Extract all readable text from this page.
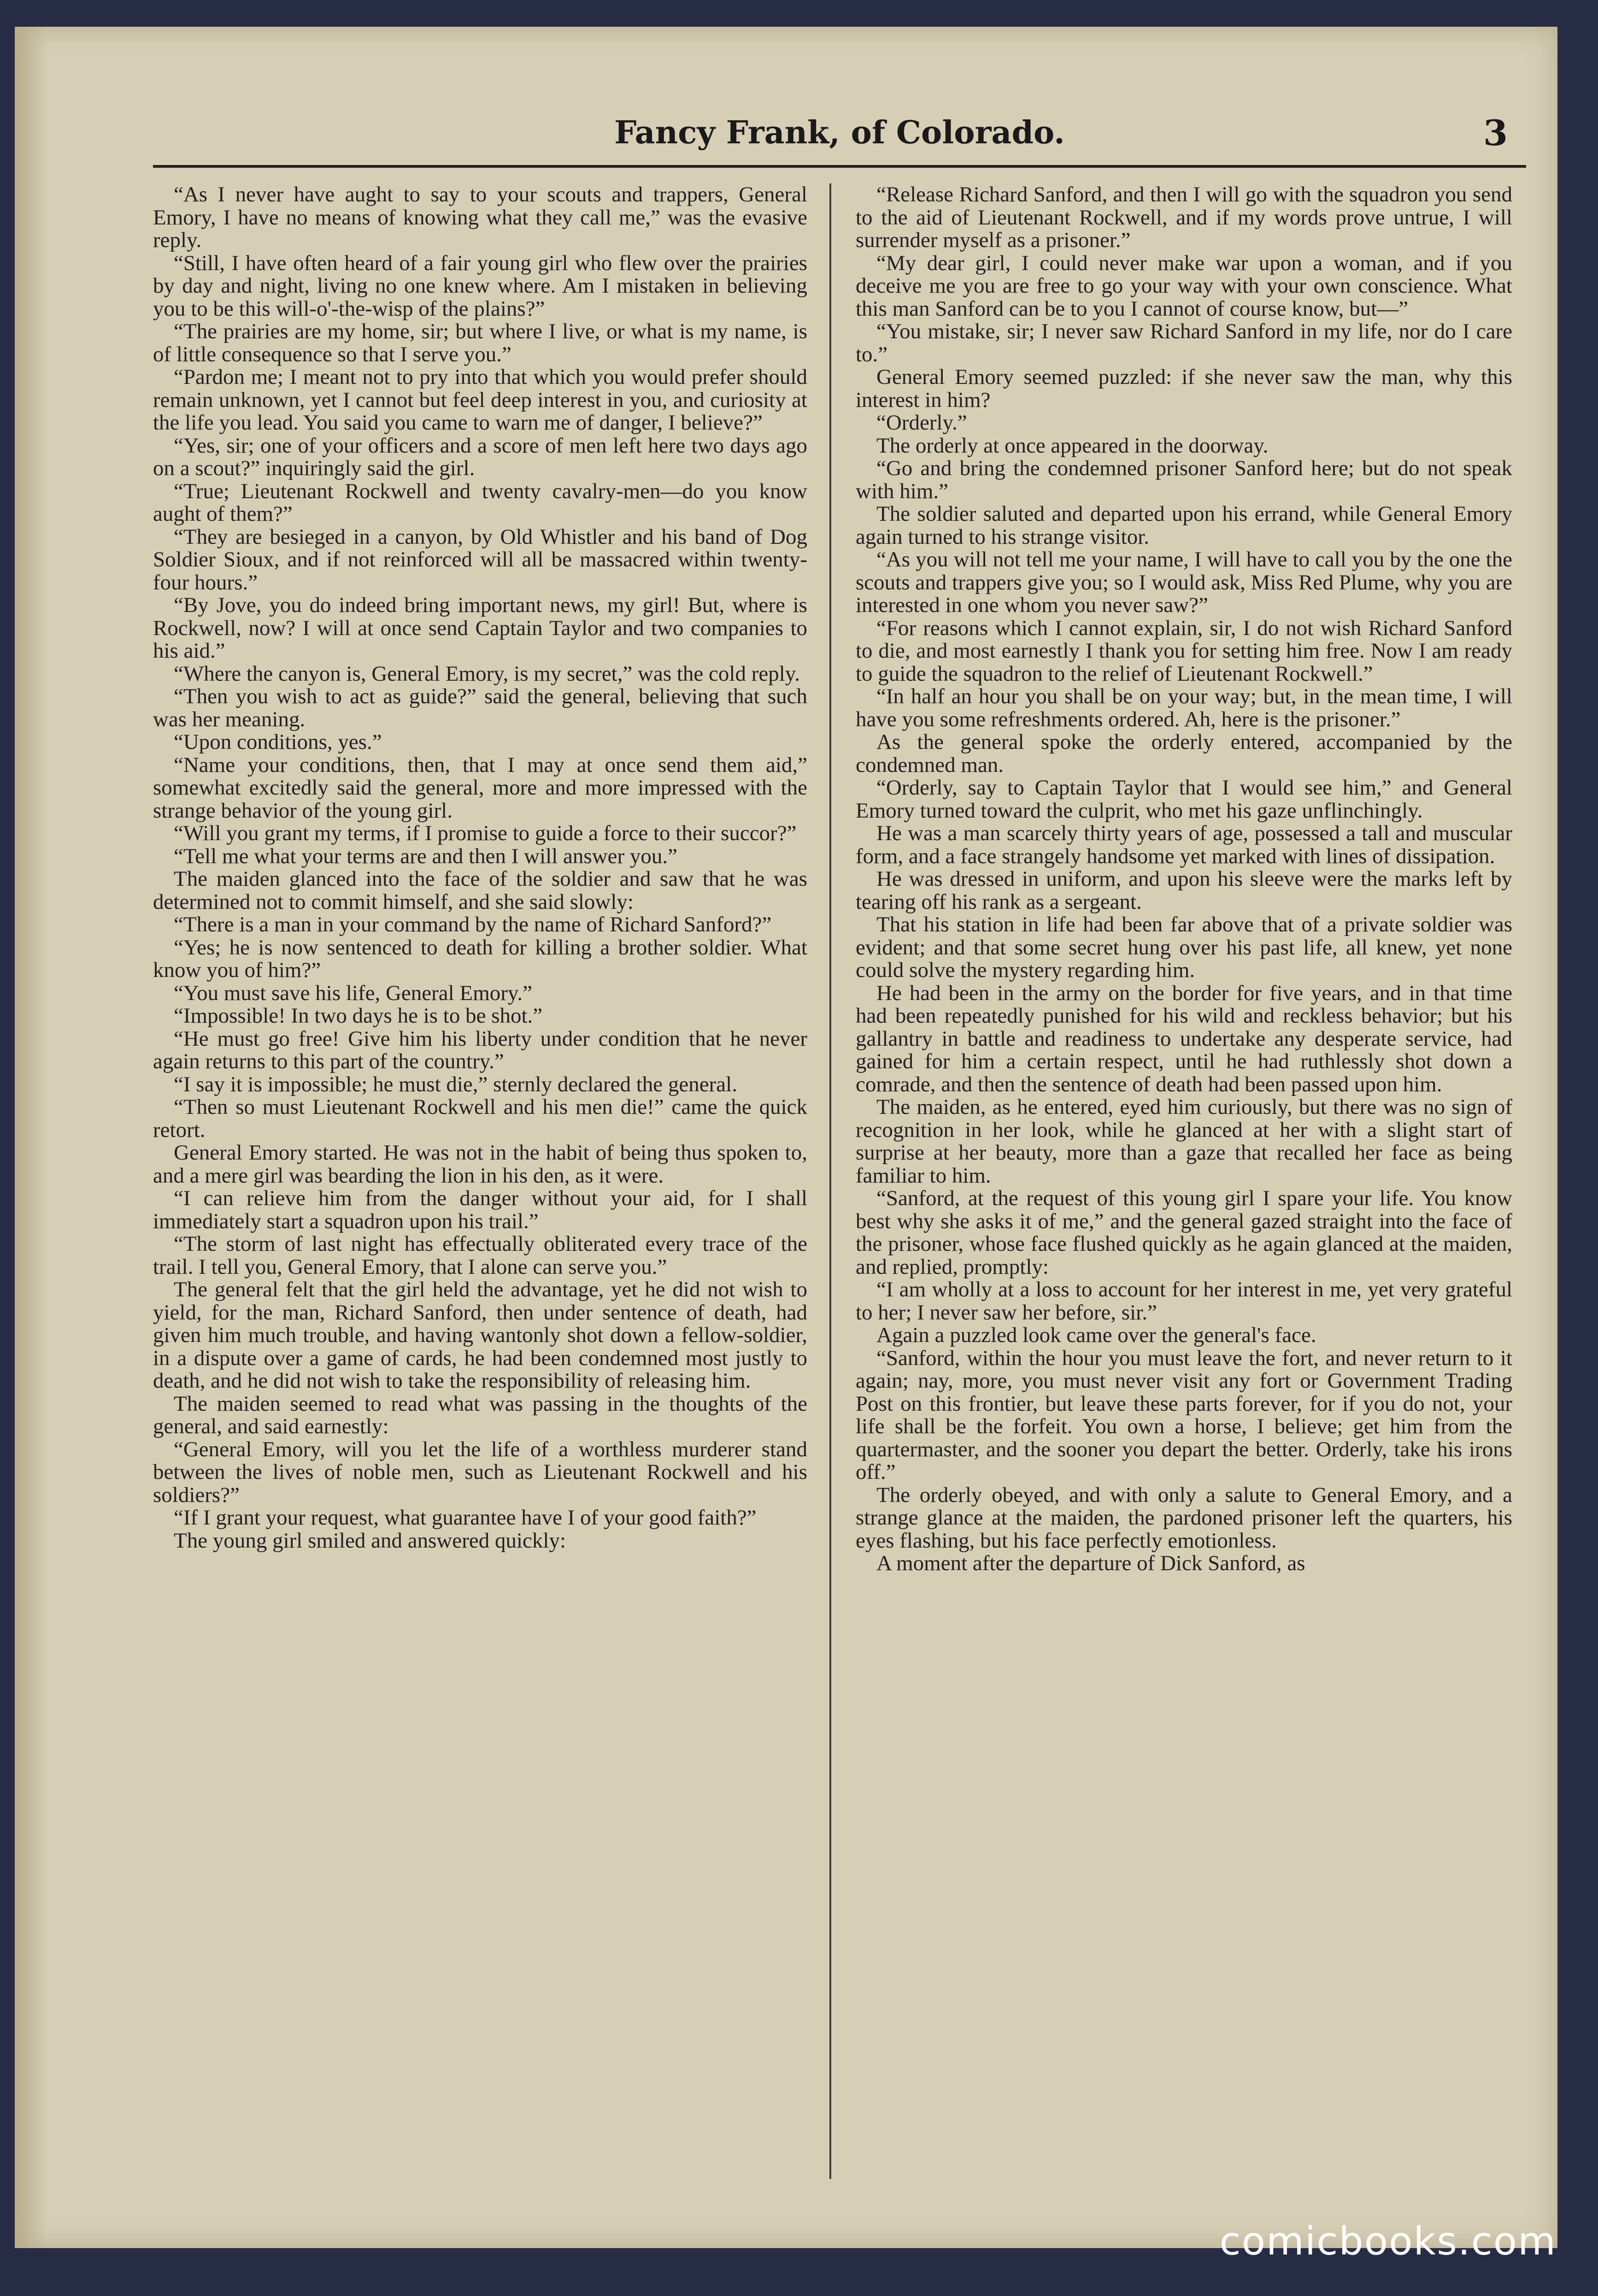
Fancy Frank, of Colorado.	3

“As I never have aught to say to your scouts and trappers, General Emory, I have no means of knowing what they call me,” was the evasive reply.

“Still, I have often heard of a fair young girl who flew over the prairies by day and night, living no one knew where. Am I mistaken in believing you to be this will-o'-the-wisp of the plains?”

“The prairies are my home, sir; but where I live, or what is my name, is of little consequence so that I serve you.”

“Pardon me; I meant not to pry into that which you would prefer should remain unknown, yet I cannot but feel deep interest in you, and curiosity at the life you lead. You said you came to warn me of danger, I believe?”

“Yes, sir; one of your officers and a score of men left here two days ago on a scout?” inquiringly said the girl.

“True; Lieutenant Rockwell and twenty cavalry-men—do you know aught of them?”

“They are besieged in a canyon, by Old Whistler and his band of Dog Soldier Sioux, and if not reinforced will all be massacred within twenty-four hours.”

“By Jove, you do indeed bring important news, my girl! But, where is Rockwell, now? I will at once send Captain Taylor and two companies to his aid.”

“Where the canyon is, General Emory, is my secret,” was the cold reply.

“Then you wish to act as guide?” said the general, believing that such was her meaning.

“Upon conditions, yes.”

“Name your conditions, then, that I may at once send them aid,” somewhat excitedly said the general, more and more impressed with the strange behavior of the young girl.

“Will you grant my terms, if I promise to guide a force to their succor?”

“Tell me what your terms are and then I will answer you.”

The maiden glanced into the face of the soldier and saw that he was determined not to commit himself, and she said slowly:

“There is a man in your command by the name of Richard Sanford?”

“Yes; he is now sentenced to death for killing a brother soldier. What know you of him?”

“You must save his life, General Emory.”

“Impossible! In two days he is to be shot.”

“He must go free! Give him his liberty under condition that he never again returns to this part of the country.”

“I say it is impossible; he must die,” sternly declared the general.

“Then so must Lieutenant Rockwell and his men die!” came the quick retort.

General Emory started. He was not in the habit of being thus spoken to, and a mere girl was bearding the lion in his den, as it were.

“I can relieve him from the danger without your aid, for I shall immediately start a squadron upon his trail.”

“The storm of last night has effectually obliterated every trace of the trail. I tell you, General Emory, that I alone can serve you.”

The general felt that the girl held the advantage, yet he did not wish to yield, for the man, Richard Sanford, then under sentence of death, had given him much trouble, and having wantonly shot down a fellow-soldier, in a dispute over a game of cards, he had been condemned most justly to death, and he did not wish to take the responsibility of releasing him.

The maiden seemed to read what was passing in the thoughts of the general, and said earnestly:

“General Emory, will you let the life of a worthless murderer stand between the lives of noble men, such as Lieutenant Rockwell and his soldiers?”

“If I grant your request, what guarantee have I of your good faith?”

The young girl smiled and answered quickly:

“Release Richard Sanford, and then I will go with the squadron you send to the aid of Lieutenant Rockwell, and if my words prove untrue, I will surrender myself as a prisoner.”

“My dear girl, I could never make war upon a woman, and if you deceive me you are free to go your way with your own conscience. What this man Sanford can be to you I cannot of course know, but—”

“You mistake, sir; I never saw Richard Sanford in my life, nor do I care to.”

General Emory seemed puzzled: if she never saw the man, why this interest in him?

“Orderly.”

The orderly at once appeared in the doorway.

“Go and bring the condemned prisoner Sanford here; but do not speak with him.”

The soldier saluted and departed upon his errand, while General Emory again turned to his strange visitor.

“As you will not tell me your name, I will have to call you by the one the scouts and trappers give you; so I would ask, Miss Red Plume, why you are interested in one whom you never saw?”

“For reasons which I cannot explain, sir, I do not wish Richard Sanford to die, and most earnestly I thank you for setting him free. Now I am ready to guide the squadron to the relief of Lieutenant Rockwell.”

“In half an hour you shall be on your way; but, in the mean time, I will have you some refreshments ordered. Ah, here is the prisoner.”

As the general spoke the orderly entered, accompanied by the condemned man.

“Orderly, say to Captain Taylor that I would see him,” and General Emory turned toward the culprit, who met his gaze unflinchingly.

He was a man scarcely thirty years of age, possessed a tall and muscular form, and a face strangely handsome yet marked with lines of dissipation.

He was dressed in uniform, and upon his sleeve were the marks left by tearing off his rank as a sergeant.

That his station in life had been far above that of a private soldier was evident; and that some secret hung over his past life, all knew, yet none could solve the mystery regarding him.

He had been in the army on the border for five years, and in that time had been repeatedly punished for his wild and reckless behavior; but his gallantry in battle and readiness to undertake any desperate service, had gained for him a certain respect, until he had ruthlessly shot down a comrade, and then the sentence of death had been passed upon him.

The maiden, as he entered, eyed him curiously, but there was no sign of recognition in her look, while he glanced at her with a slight start of surprise at her beauty, more than a gaze that recalled her face as being familiar to him.

“Sanford, at the request of this young girl I spare your life. You know best why she asks it of me,” and the general gazed straight into the face of the prisoner, whose face flushed quickly as he again glanced at the maiden, and replied, promptly:

“I am wholly at a loss to account for her interest in me, yet very grateful to her; I never saw her before, sir.”

Again a puzzled look came over the general's face.

“Sanford, within the hour you must leave the fort, and never return to it again; nay, more, you must never visit any fort or Government Trading Post on this frontier, but leave these parts forever, for if you do not, your life shall be the forfeit. You own a horse, I believe; get him from the quartermaster, and the sooner you depart the better. Orderly, take his irons off.”

The orderly obeyed, and with only a salute to General Emory, and a strange glance at the maiden, the pardoned prisoner left the quarters, his eyes flashing, but his face perfectly emotionless.

A moment after the departure of Dick Sanford, as

comicbooks.com
